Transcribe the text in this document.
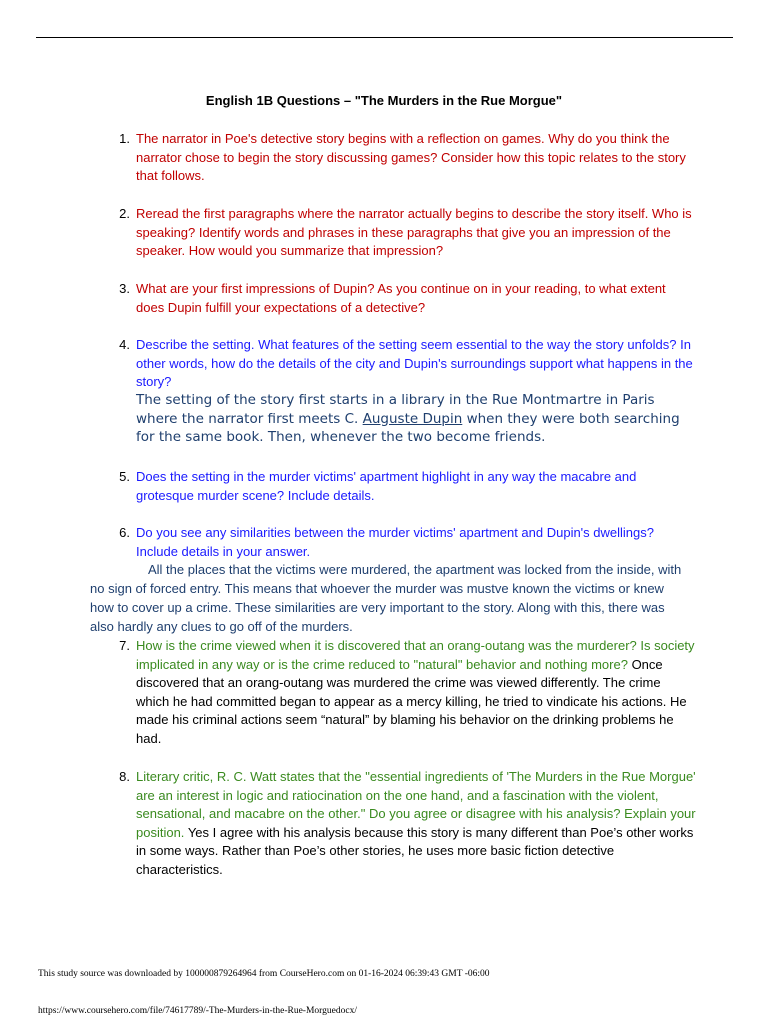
English 1B Questions – "The Murders in the Rue Morgue"
1. The narrator in Poe's detective story begins with a reflection on games. Why do you think the narrator chose to begin the story discussing games? Consider how this topic relates to the story that follows.
2. Reread the first paragraphs where the narrator actually begins to describe the story itself. Who is speaking? Identify words and phrases in these paragraphs that give you an impression of the speaker. How would you summarize that impression?
3. What are your first impressions of Dupin? As you continue on in your reading, to what extent does Dupin fulfill your expectations of a detective?
4. Describe the setting. What features of the setting seem essential to the way the story unfolds? In other words, how do the details of the city and Dupin's surroundings support what happens in the story?
The setting of the story first starts in a library in the Rue Montmartre in Paris where the narrator first meets C. Auguste Dupin when they were both searching for the same book. Then, whenever the two become friends.
5. Does the setting in the murder victims' apartment highlight in any way the macabre and grotesque murder scene? Include details.
6. Do you see any similarities between the murder victims' apartment and Dupin's dwellings? Include details in your answer.
All the places that the victims were murdered, the apartment was locked from the inside, with no sign of forced entry. This means that whoever the murder was mustve known the victims or knew how to cover up a crime. These similarities are very important to the story. Along with this, there was also hardly any clues to go off of the murders.
7. How is the crime viewed when it is discovered that an orang-outang was the murderer? Is society implicated in any way or is the crime reduced to "natural" behavior and nothing more? Once discovered that an orang-outang was murdered the crime was viewed differently. The crime which he had committed began to appear as a mercy killing, he tried to vindicate his actions. He made his criminal actions seem “natural” by blaming his behavior on the drinking problems he had.
8. Literary critic, R. C. Watt states that the "essential ingredients of 'The Murders in the Rue Morgue' are an interest in logic and ratiocination on the one hand, and a fascination with the violent, sensational, and macabre on the other." Do you agree or disagree with his analysis? Explain your position. Yes I agree with his analysis because this story is many different than Poe’s other works in some ways. Rather than Poe’s other stories, he uses more basic fiction detective characteristics.
This study source was downloaded by 100000879264964 from CourseHero.com on 01-16-2024 06:39:43 GMT -06:00
https://www.coursehero.com/file/74617789/-The-Murders-in-the-Rue-Morguedocx/
